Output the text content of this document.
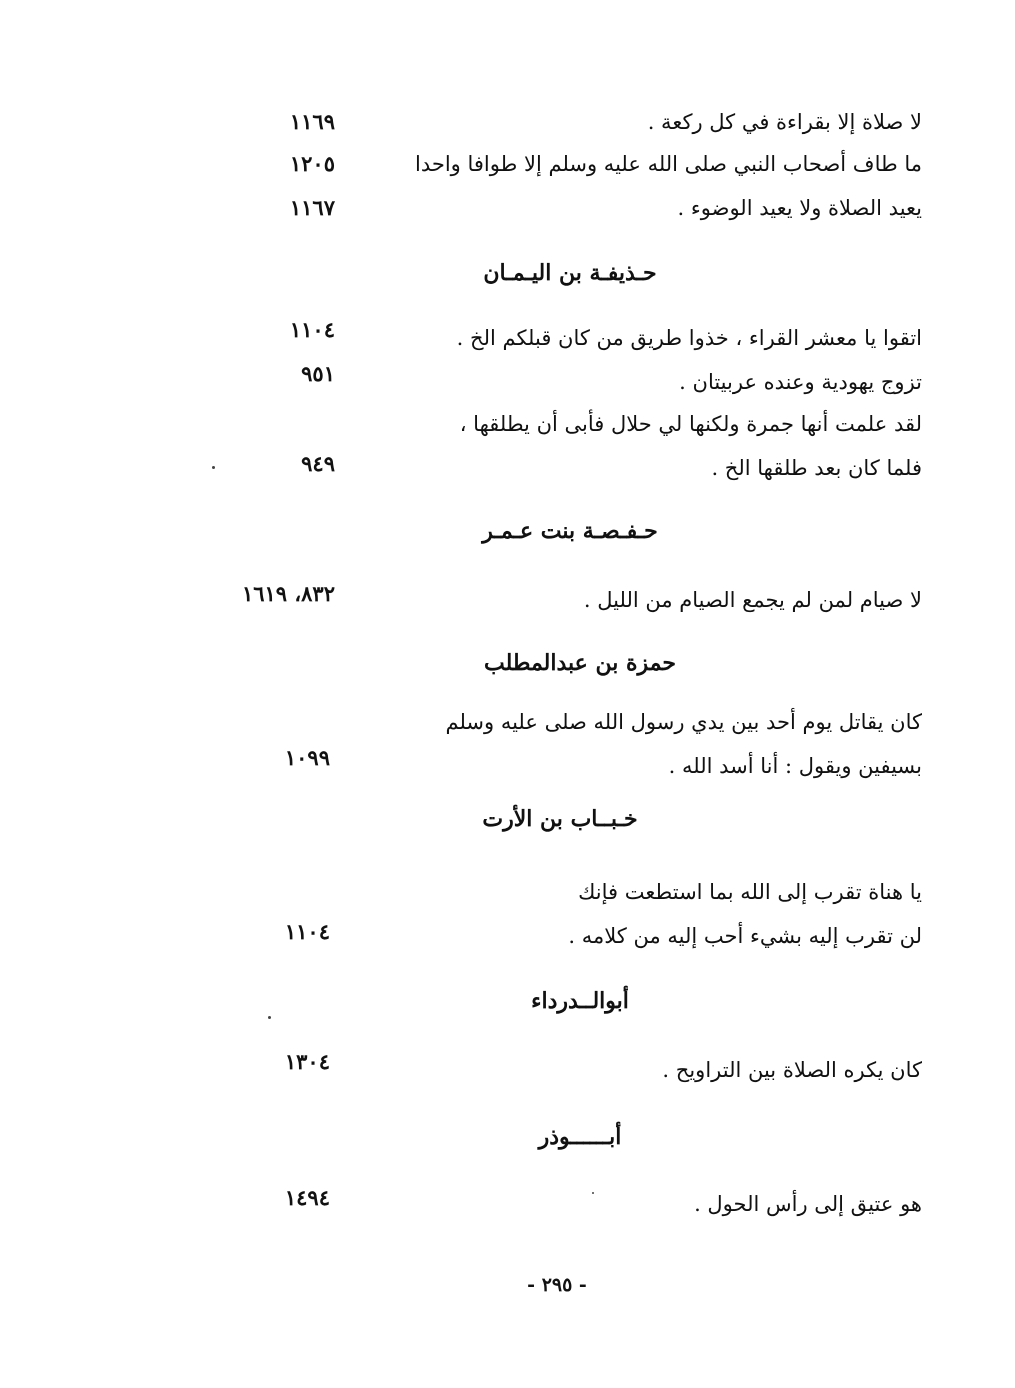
لا صلاة إلا بقراءة في كل ركعة .
١١٦٩
ما طاف أصحاب النبي صلى الله عليه وسلم إلا طوافا واحدا
١٢٠٥
يعيد الصلاة ولا يعيد الوضوء .
١١٦٧
حـذيفـة بن اليـمـان
اتقوا يا معشر القراء ، خذوا طريق من كان قبلكم الخ .
١١٠٤
تزوج يهودية وعنده عربيتان .
٩٥١
لقد علمت أنها جمرة ولكنها لي حلال فأبى أن يطلقها ،
فلما كان بعد طلقها الخ .
٩٤٩
حـفـصـة بنت عـمـر
لا صيام لمن لم يجمع الصيام من الليل .
٨٣٢، ١٦١٩
حمزة بن عبدالمطلب
كان يقاتل يوم أحد بين يدي رسول الله صلى عليه وسلم
بسيفين ويقول : أنا أسد الله .
١٠٩٩
خـبــاب بن الأرت
يا هناة تقرب إلى الله بما استطعت فإنك
لن تقرب إليه بشيء أحب إليه من كلامه .
١١٠٤
أبوالــدرداء
كان يكره الصلاة بين التراويح .
١٣٠٤
أبــــــوذر
هو عتيق إلى رأس الحول .
١٤٩٤
- ٢٩٥ -
